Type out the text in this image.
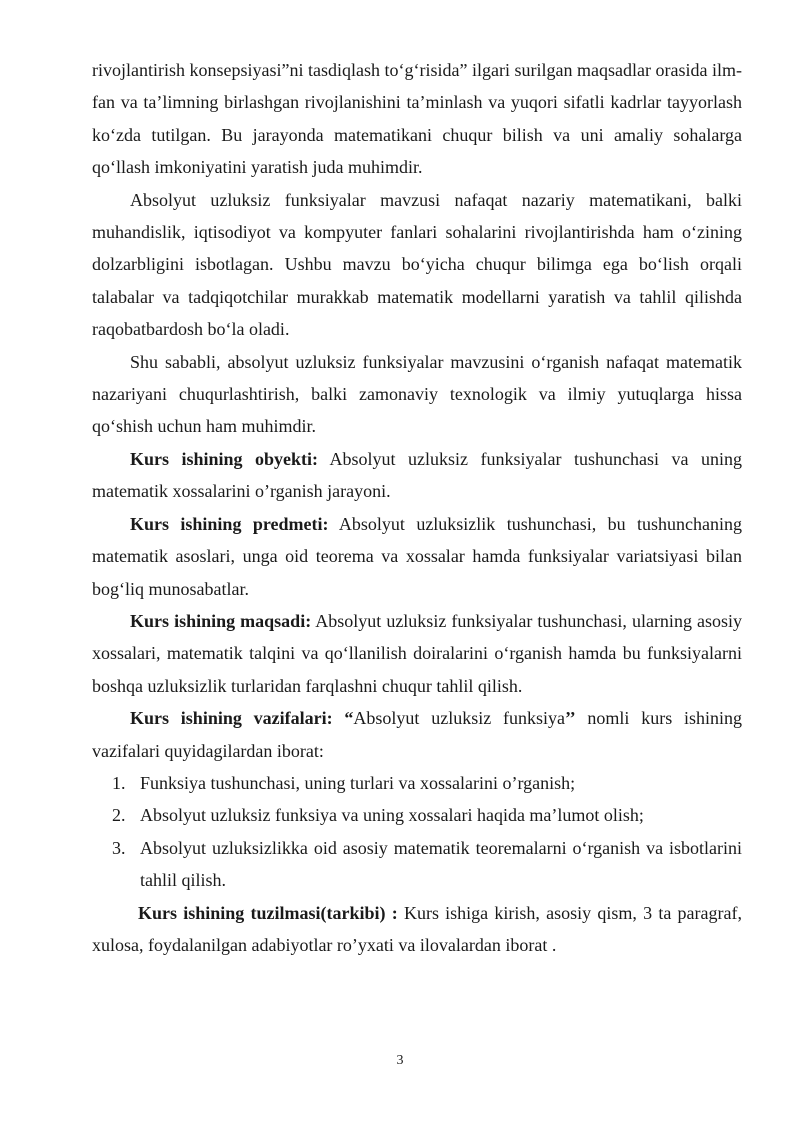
rivojlantirish konsepsiyasi”ni tasdiqlash to‘g‘risida” ilgari surilgan maqsadlar orasida ilm-fan va ta’limning birlashgan rivojlanishini ta’minlash va yuqori sifatli kadrlar tayyorlash ko‘zda tutilgan. Bu jarayonda matematikani chuqur bilish va uni amaliy sohalarga qo‘llash imkoniyatini yaratish juda muhimdir.

Absolyut uzluksiz funksiyalar mavzusi nafaqat nazariy matematikani, balki muhandislik, iqtisodiyot va kompyuter fanlari sohalarini rivojlantirishda ham o‘zining dolzarbligini isbotlagan. Ushbu mavzu bo‘yicha chuqur bilimga ega bo‘lish orqali talabalar va tadqiqotchilar murakkab matematik modellarni yaratish va tahlil qilishda raqobatbardosh bo‘la oladi.

Shu sababli, absolyut uzluksiz funksiyalar mavzusini o‘rganish nafaqat matematik nazariyani chuqurlashtirish, balki zamonaviy texnologik va ilmiy yutuqlarga hissa qo‘shish uchun ham muhimdir.

Kurs ishining obyekti: Absolyut uzluksiz funksiyalar tushunchasi va uning matematik xossalarini o’rganish jarayoni.

Kurs ishining predmeti: Absolyut uzluksizlik tushunchasi, bu tushunchaning matematik asoslari, unga oid teorema va xossalar hamda funksiyalar variatsiyasi bilan bog‘liq munosabatlar.

Kurs ishining maqsadi: Absolyut uzluksiz funksiyalar tushunchasi, ularning asosiy xossalari, matematik talqini va qo‘llanilish doiralarini o‘rganish hamda bu funksiyalarni boshqa uzluksizlik turlaridan farqlashni chuqur tahlil qilish.

Kurs ishining vazifalari: “Absolyut uzluksiz funksiya’’ nomli kurs ishining vazifalari quyidagilardan iborat:

1. Funksiya tushunchasi, uning turlari va xossalarini o’rganish;
2. Absolyut uzluksiz funksiya va uning xossalari haqida ma’lumot olish;
3. Absolyut uzluksizlikka oid asosiy matematik teoremalarni o‘rganish va isbotlarini tahlil qilish.

Kurs ishining tuzilmasi(tarkibi) : Kurs ishiga kirish, asosiy qism, 3 ta paragraf, xulosa, foydalanilgan adabiyotlar ro’yxati va ilovalardan iborat .

3
